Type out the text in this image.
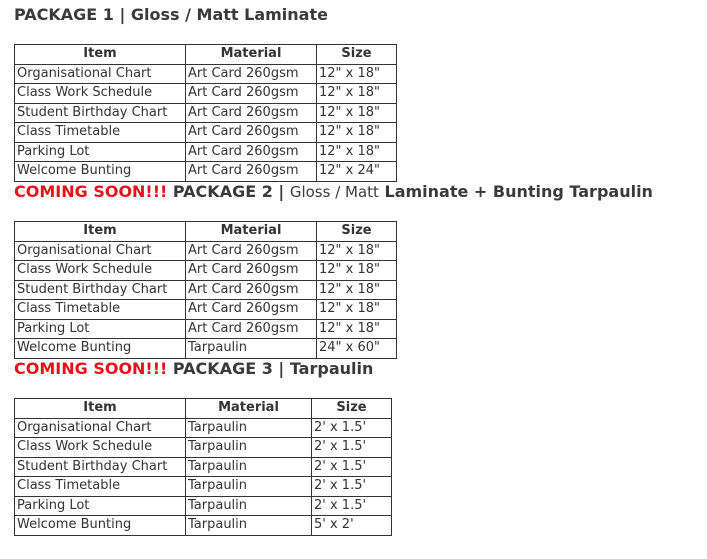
PACKAGE 1 | Gloss / Matt Laminate
Item	Material	Size
Organisational Chart	Art Card 260gsm	12" x 18"
Class Work Schedule	Art Card 260gsm	12" x 18"
Student Birthday Chart	Art Card 260gsm	12" x 18"
Class Timetable	Art Card 260gsm	12" x 18"
Parking Lot	Art Card 260gsm	12" x 18"
Welcome Bunting	Art Card 260gsm	12" x 24"
COMING SOON!!! PACKAGE 2 | Gloss / Matt Laminate + Bunting Tarpaulin
Item	Material	Size
Organisational Chart	Art Card 260gsm	12" x 18"
Class Work Schedule	Art Card 260gsm	12" x 18"
Student Birthday Chart	Art Card 260gsm	12" x 18"
Class Timetable	Art Card 260gsm	12" x 18"
Parking Lot	Art Card 260gsm	12" x 18"
Welcome Bunting	Tarpaulin	24" x 60"
COMING SOON!!! PACKAGE 3 | Tarpaulin
Item	Material	Size
Organisational Chart	Tarpaulin	2' x 1.5'
Class Work Schedule	Tarpaulin	2' x 1.5'
Student Birthday Chart	Tarpaulin	2' x 1.5'
Class Timetable	Tarpaulin	2' x 1.5'
Parking Lot	Tarpaulin	2' x 1.5'
Welcome Bunting	Tarpaulin	5' x 2'
